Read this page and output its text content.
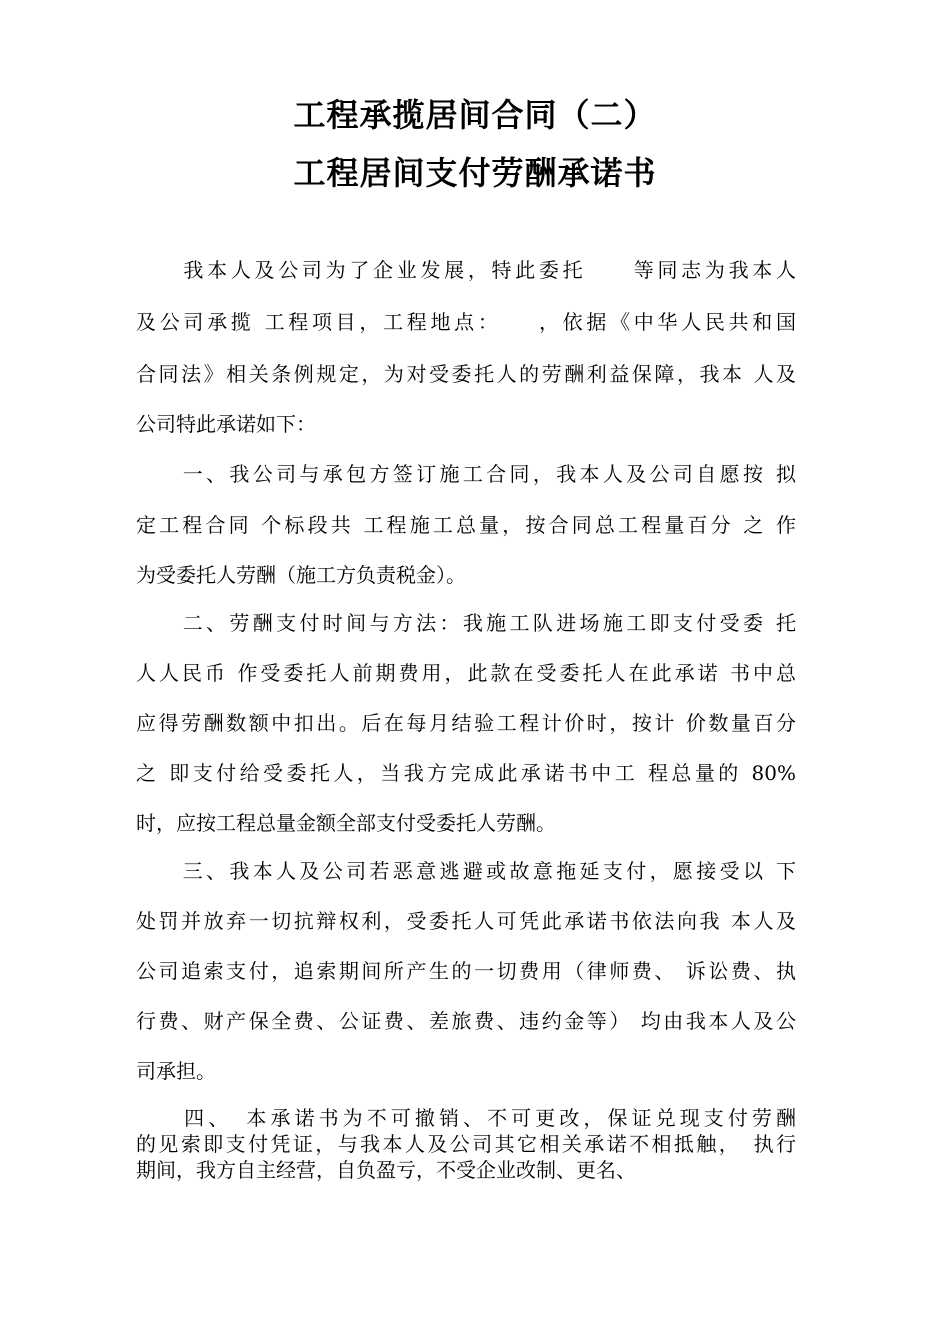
工程承揽居间合同（二）
工程居间支付劳酬承诺书
　　我本人及公司为了企业发展，特此委托　　等同志为我本人
及公司承揽 工程项目，工程地点：　　，依据《中华人民共和国
合同法》相关条例规定，为对受委托人的劳酬利益保障，我本 人及
公司特此承诺如下：
　　一、我公司与承包方签订施工合同，我本人及公司自愿按 拟
定工程合同 个标段共 工程施工总量，按合同总工程量百分 之 作
为受委托人劳酬（施工方负责税金）。
　　二、劳酬支付时间与方法：我施工队进场施工即支付受委 托
人人民币 作受委托人前期费用，此款在受委托人在此承诺 书中总
应得劳酬数额中扣出。后在每月结验工程计价时，按计 价数量百分
之 即支付给受委托人，当我方完成此承诺书中工 程总量的 80%
时，应按工程总量金额全部支付受委托人劳酬。
　　三、我本人及公司若恶意逃避或故意拖延支付，愿接受以 下
处罚并放弃一切抗辩权利，受委托人可凭此承诺书依法向我 本人及
公司追索支付，追索期间所产生的一切费用（律师费、 诉讼费、执
行费、财产保全费、公证费、差旅费、违约金等） 均由我本人及公
司承担。
　　四、　本承诺书为不可撤销、不可更改，保证兑现支付劳酬
的见索即支付凭证，与我本人及公司其它相关承诺不相抵触，　执行
期间，我方自主经营，自负盈亏，不受企业改制、更名、
